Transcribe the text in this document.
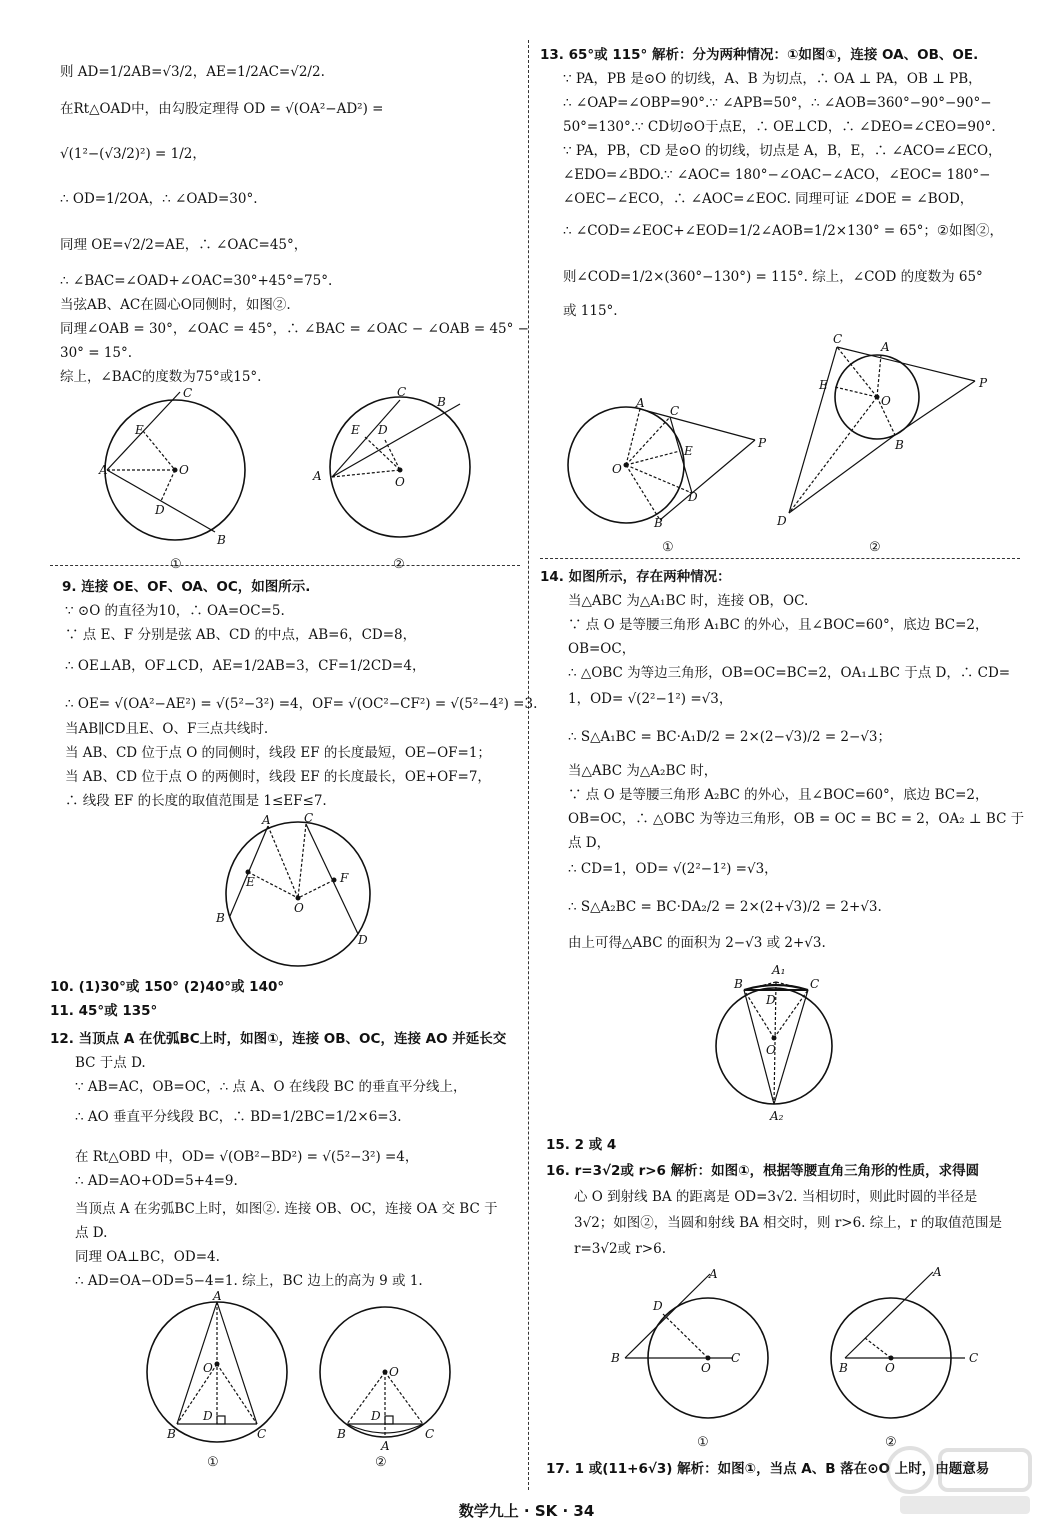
则 AD=1/2AB=√3/2，AE=1/2AC=√2/2.
在Rt△OAD中，由勾股定理得 OD = √(OA²−AD²) =
√(1²−(√3/2)²) = 1/2，
∴ OD=1/2OA，∴ ∠OAD=30°.
同理 OE=√2/2=AE，∴ ∠OAC=45°，
∴ ∠BAC=∠OAD+∠OAC=30°+45°=75°.
当弦AB、AC在圆心O同侧时，如图②.
同理∠OAB = 30°，∠OAC = 45°，∴ ∠BAC = ∠OAC − ∠OAB = 45° −
30° = 15°.
综上，∠BAC的度数为75°或15°.
C
E
A	O
D
B
①
C
B
E D
A	O
②
9. 连接 OE、OF、OA、OC，如图所示.
∵ ⊙O 的直径为10，∴ OA=OC=5.
∵ 点 E、F 分别是弦 AB、CD 的中点，AB=6，CD=8，
∴ OE⊥AB，OF⊥CD，AE=1/2AB=3，CF=1/2CD=4，
∴ OE= √(OA²−AE²) = √(5²−3²) =4，OF= √(OC²−CF²) = √(5²−4²) =3.
当AB∥CD且E、O、F三点共线时.
当 AB、CD 位于点 O 的同侧时，线段 EF 的长度最短，OE−OF=1；
当 AB、CD 位于点 O 的两侧时，线段 EF 的长度最长，OE+OF=7，
∴ 线段 EF 的长度的取值范围是 1≤EF≤7.
A	C
E	F
O
B
D
10. (1)30°或 150° (2)40°或 140°
11. 45°或 135°
12. 当顶点 A 在优弧BC上时，如图①，连接 OB、OC，连接 AO 并延长交
BC 于点 D.
∵ AB=AC，OB=OC，∴ 点 A、O 在线段 BC 的垂直平分线上，
∴ AO 垂直平分线段 BC，∴ BD=1/2BC=1/2×6=3.
在 Rt△OBD 中，OD= √(OB²−BD²) = √(5²−3²) =4，
∴ AD=AO+OD=5+4=9.
当顶点 A 在劣弧BC上时，如图②. 连接 OB、OC，连接 OA 交 BC 于
点 D.
同理 OA⊥BC，OD=4.
∴ AD=OA−OD=5−4=1. 综上，BC 边上的高为 9 或 1.
A
O
D
B	C
①
O
D
B
A
C
②
13. 65°或 115° 解析：分为两种情况：①如图①，连接 OA、OB、OE.
∵ PA，PB 是⊙O 的切线，A、B 为切点，∴ OA ⊥ PA，OB ⊥ PB，
∴ ∠OAP=∠OBP=90°.∵ ∠APB=50°，∴ ∠AOB=360°−90°−90°−
50°=130°.∵ CD切⊙O于点E，∴ OE⊥CD，∴ ∠DEO=∠CEO=90°.
∵ PA，PB，CD 是⊙O 的切线，切点是 A，B，E，∴ ∠ACO=∠ECO，
∠EDO=∠BDO.∵ ∠AOC= 180°−∠OAC−∠ACO，∠EOC= 180°−
∠OEC−∠ECO，∴ ∠AOC=∠EOC. 同理可证 ∠DOE = ∠BOD，
∴ ∠COD=∠EOC+∠EOD=1/2∠AOB=1/2×130° = 65°；②如图②，
则∠COD=1/2×(360°−130°) = 115°. 综上，∠COD 的度数为 65°
或 115°.
A
C
P
E
O
D
B
①
C
A
P
E
O
B
D
②
14. 如图所示，存在两种情况：
当△ABC 为△A₁BC 时，连接 OB，OC.
∵ 点 O 是等腰三角形 A₁BC 的外心，且∠BOC=60°，底边 BC=2，
OB=OC，
∴ △OBC 为等边三角形，OB=OC=BC=2，OA₁⊥BC 于点 D，∴ CD=
1，OD= √(2²−1²) =√3，
∴ S△A₁BC = BC·A₁D/2 = 2×(2−√3)/2 = 2−√3；
当△ABC 为△A₂BC 时，
∵ 点 O 是等腰三角形 A₂BC 的外心，且∠BOC=60°，底边 BC=2，
OB=OC，∴ △OBC 为等边三角形，OB = OC = BC = 2，OA₂ ⊥ BC 于
点 D，
∴ CD=1，OD= √(2²−1²) =√3，
∴ S△A₂BC = BC·DA₂/2 = 2×(2+√3)/2 = 2+√3.
由上可得△ABC 的面积为 2−√3 或 2+√3.
B
A₁
C
D
O
A₂
15. 2 或 4
16. r=3√2或 r>6 解析：如图①，根据等腰直角三角形的性质，求得圆
心 O 到射线 BA 的距离是 OD=3√2. 当相切时，则此时圆的半径是
3√2；如图②，当圆和射线 BA 相交时，则 r>6. 综上，r 的取值范围是
r=3√2或 r>6.
B
O
C
D
A
①
B	O
C
A
②
17. 1 或(11+6√3) 解析：如图①，当点 A、B 落在⊙O 上时，由题意易
数学九上 · SK · 34
